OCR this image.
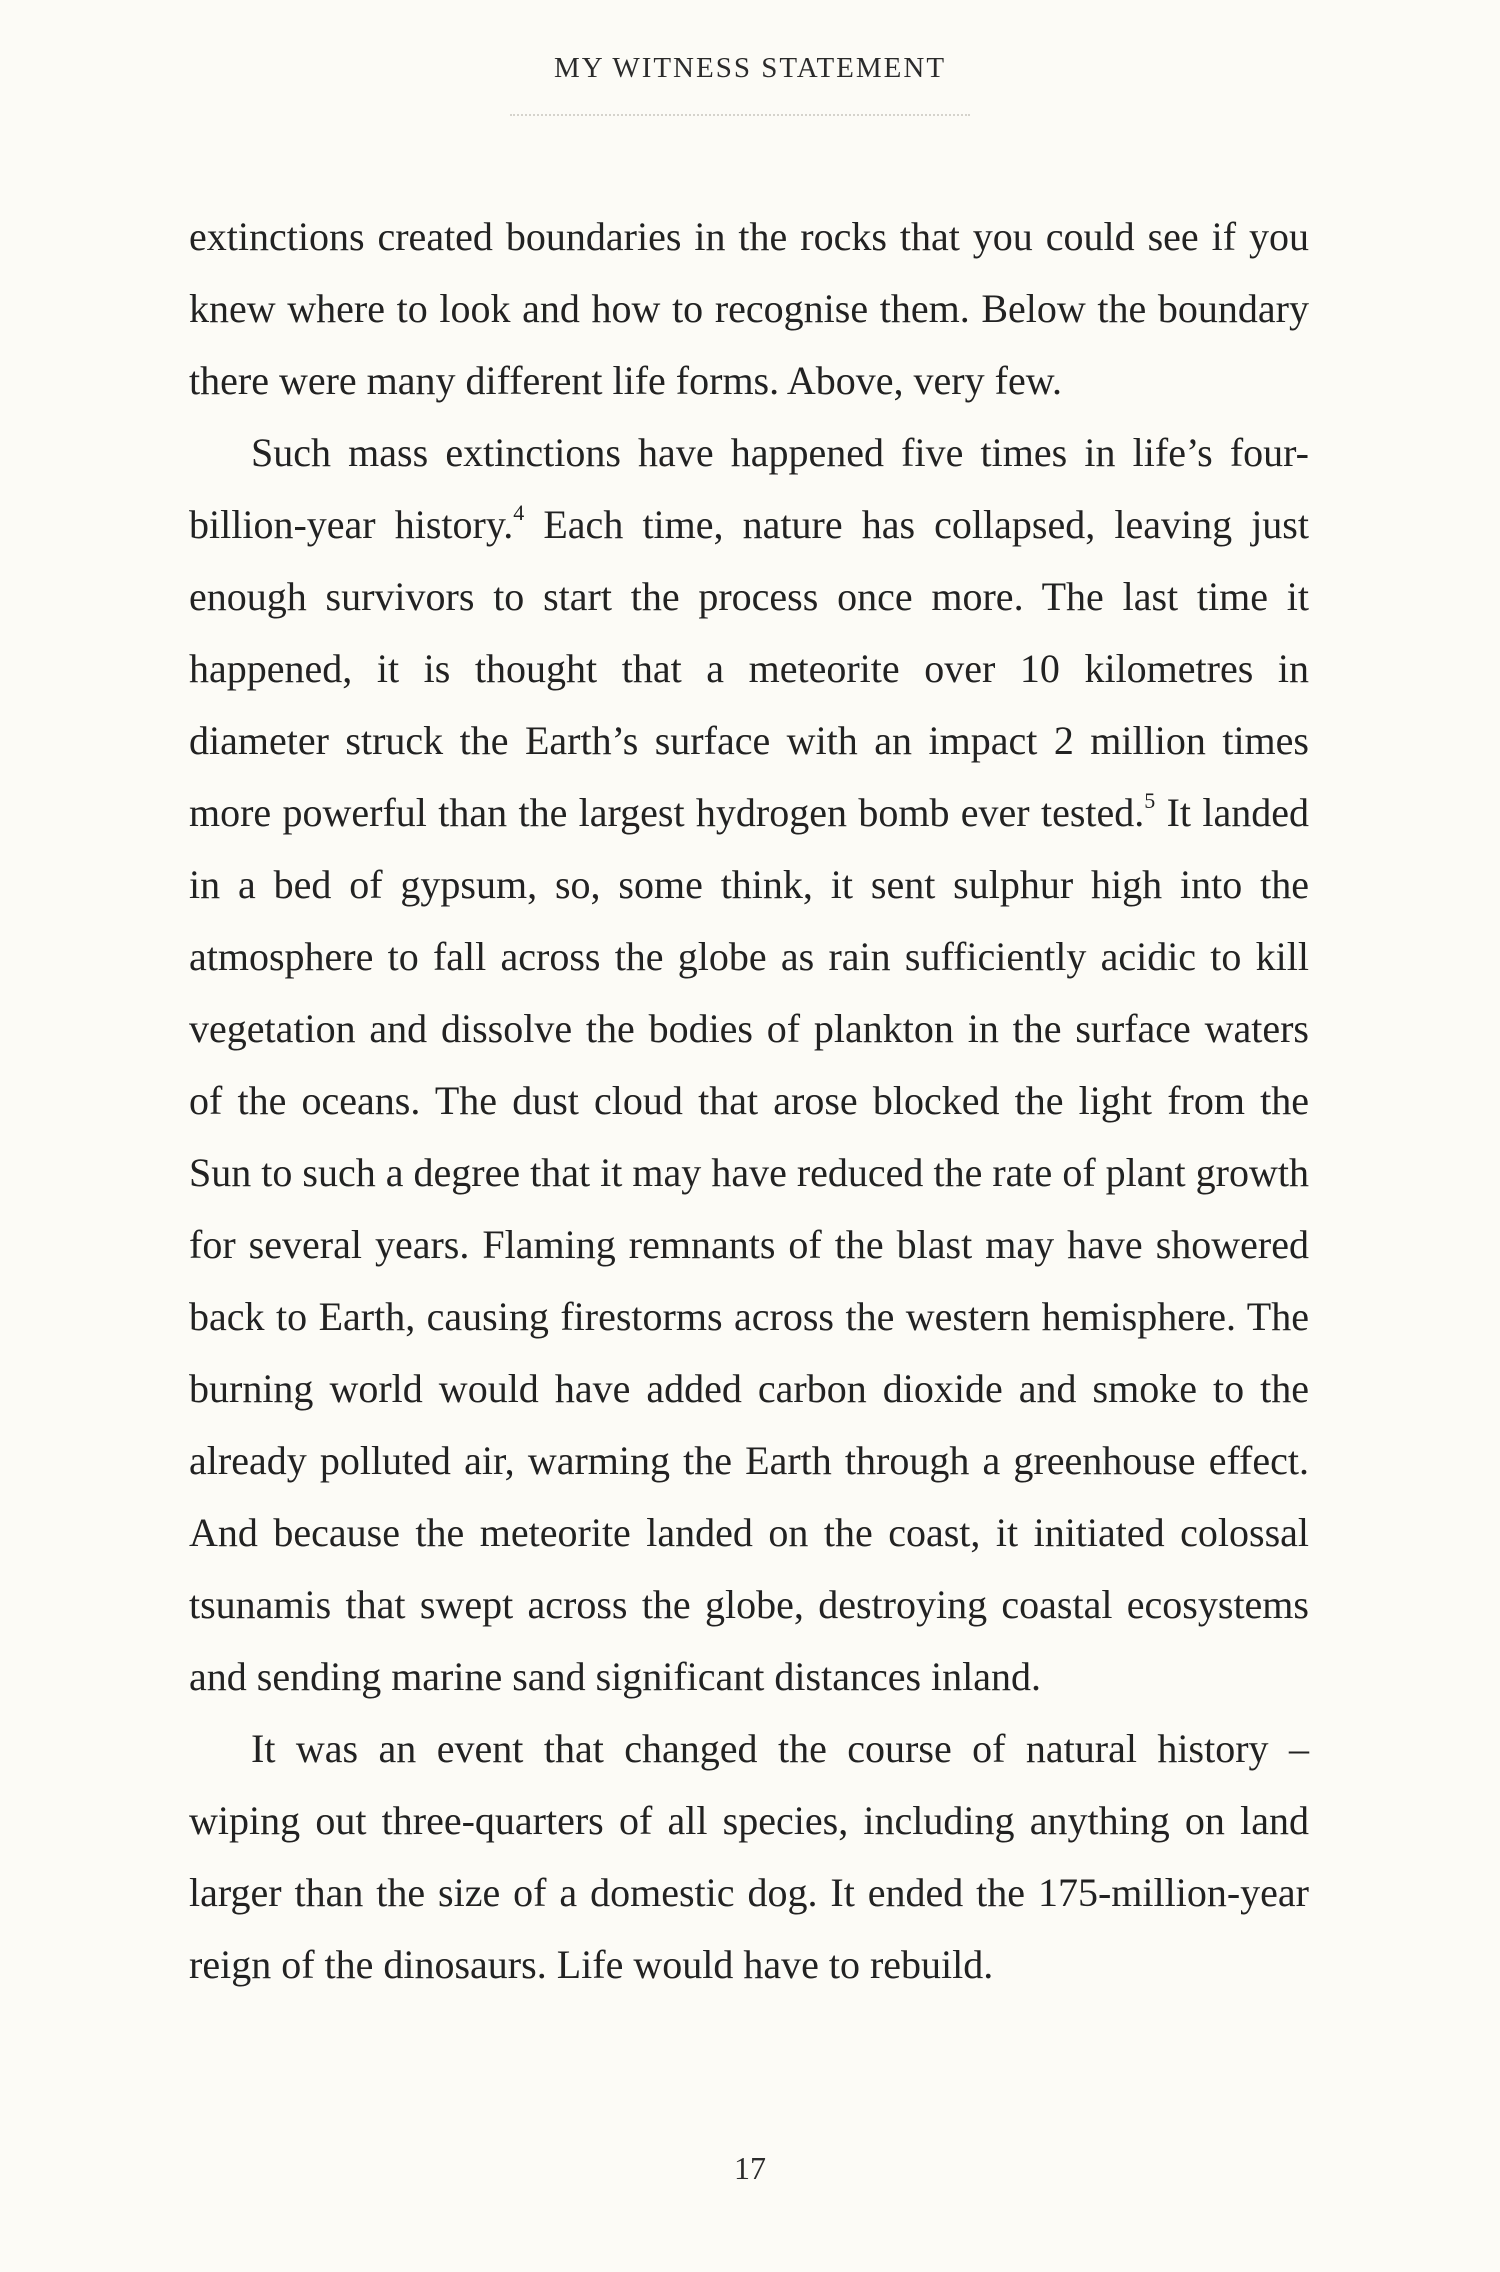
MY WITNESS STATEMENT

extinctions created boundaries in the rocks that you could see if you knew where to look and how to recognise them. Below the boundary there were many different life forms. Above, very few.

Such mass extinctions have happened five times in life’s four-billion-year history.$^4$ Each time, nature has collapsed, leaving just enough survivors to start the process once more. The last time it happened, it is thought that a meteorite over 10 kilometres in diameter struck the Earth’s surface with an impact 2 million times more powerful than the largest hydrogen bomb ever tested.$^5$ It landed in a bed of gypsum, so, some think, it sent sulphur high into the atmosphere to fall across the globe as rain sufficiently acidic to kill vegetation and dissolve the bodies of plankton in the surface waters of the oceans. The dust cloud that arose blocked the light from the Sun to such a degree that it may have reduced the rate of plant growth for several years. Flaming remnants of the blast may have showered back to Earth, causing firestorms across the western hemisphere. The burning world would have added carbon dioxide and smoke to the already polluted air, warming the Earth through a greenhouse effect. And because the meteorite landed on the coast, it initiated colossal tsunamis that swept across the globe, destroying coastal ecosystems and sending marine sand significant distances inland.

It was an event that changed the course of natural history – wiping out three-quarters of all species, including anything on land larger than the size of a domestic dog. It ended the 175-million-year reign of the dinosaurs. Life would have to rebuild.

17
